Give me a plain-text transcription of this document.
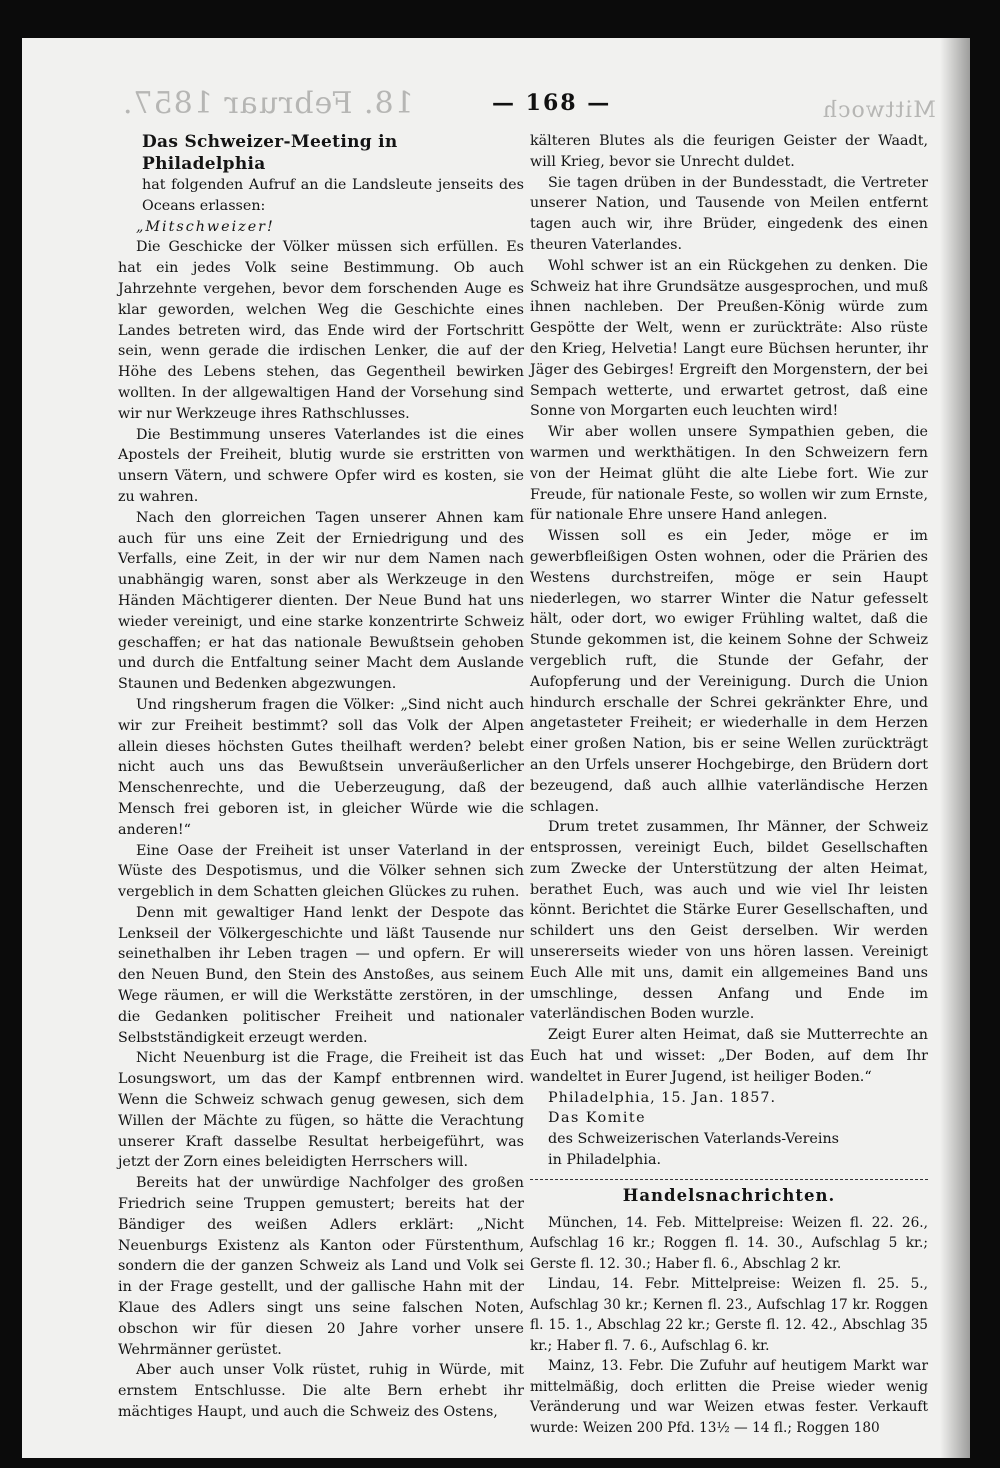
18. Februar 1857.	Mittwoch
— 168 —
Das Schweizer-Meeting in Philadelphia

hat folgenden Aufruf an die Landsleute jenseits des Oceans erlassen:

„Mitschweizer!

Die Geschicke der Völker müssen sich erfüllen. Es hat ein jedes Volk seine Bestimmung. Ob auch Jahrzehnte vergehen, bevor dem forschenden Auge es klar geworden, welchen Weg die Geschichte eines Landes betreten wird, das Ende wird der Fortschritt sein, wenn gerade die irdischen Lenker, die auf der Höhe des Lebens stehen, das Gegentheil bewirken wollten. In der allgewaltigen Hand der Vorsehung sind wir nur Werkzeuge ihres Rathschlusses.

Die Bestimmung unseres Vaterlandes ist die eines Apostels der Freiheit, blutig wurde sie erstritten von unsern Vätern, und schwere Opfer wird es kosten, sie zu wahren.

Nach den glorreichen Tagen unserer Ahnen kam auch für uns eine Zeit der Erniedrigung und des Verfalls, eine Zeit, in der wir nur dem Namen nach unabhängig waren, sonst aber als Werkzeuge in den Händen Mächtigerer dienten. Der Neue Bund hat uns wieder vereinigt, und eine starke konzentrirte Schweiz geschaffen; er hat das nationale Bewußtsein gehoben und durch die Entfaltung seiner Macht dem Auslande Staunen und Bedenken abgezwungen.

Und ringsherum fragen die Völker: „Sind nicht auch wir zur Freiheit bestimmt? soll das Volk der Alpen allein dieses höchsten Gutes theilhaft werden? belebt nicht auch uns das Bewußtsein unveräußerlicher Menschenrechte, und die Ueberzeugung, daß der Mensch frei geboren ist, in gleicher Würde wie die anderen!“

Eine Oase der Freiheit ist unser Vaterland in der Wüste des Despotismus, und die Völker sehnen sich vergeblich in dem Schatten gleichen Glückes zu ruhen.

Denn mit gewaltiger Hand lenkt der Despote das Lenkseil der Völkergeschichte und läßt Tausende nur seinethalben ihr Leben tragen — und opfern. Er will den Neuen Bund, den Stein des Anstoßes, aus seinem Wege räumen, er will die Werkstätte zerstören, in der die Gedanken politischer Freiheit und nationaler Selbstständigkeit erzeugt werden.

Nicht Neuenburg ist die Frage, die Freiheit ist das Losungswort, um das der Kampf entbrennen wird. Wenn die Schweiz schwach genug gewesen, sich dem Willen der Mächte zu fügen, so hätte die Verachtung unserer Kraft dasselbe Resultat herbeigeführt, was jetzt der Zorn eines beleidigten Herrschers will.

Bereits hat der unwürdige Nachfolger des großen Friedrich seine Truppen gemustert; bereits hat der Bändiger des weißen Adlers erklärt: „Nicht Neuenburgs Existenz als Kanton oder Fürstenthum, sondern die der ganzen Schweiz als Land und Volk sei in der Frage gestellt, und der gallische Hahn mit der Klaue des Adlers singt uns seine falschen Noten, obschon wir für diesen 20 Jahre vorher unsere Wehrmänner gerüstet.

Aber auch unser Volk rüstet, ruhig in Würde, mit ernstem Entschlusse. Die alte Bern erhebt ihr mächtiges Haupt, und auch die Schweiz des Ostens,

kälteren Blutes als die feurigen Geister der Waadt, will Krieg, bevor sie Unrecht duldet.

Sie tagen drüben in der Bundesstadt, die Vertreter unserer Nation, und Tausende von Meilen entfernt tagen auch wir, ihre Brüder, eingedenk des einen theuren Vaterlandes.

Wohl schwer ist an ein Rückgehen zu denken. Die Schweiz hat ihre Grundsätze ausgesprochen, und muß ihnen nachleben. Der Preußen-König würde zum Gespötte der Welt, wenn er zurückträte: Also rüste den Krieg, Helvetia! Langt eure Büchsen herunter, ihr Jäger des Gebirges! Ergreift den Morgenstern, der bei Sempach wetterte, und erwartet getrost, daß eine Sonne von Morgarten euch leuchten wird!

Wir aber wollen unsere Sympathien geben, die warmen und werkthätigen. In den Schweizern fern von der Heimat glüht die alte Liebe fort. Wie zur Freude, für nationale Feste, so wollen wir zum Ernste, für nationale Ehre unsere Hand anlegen.

Wissen soll es ein Jeder, möge er im gewerbfleißigen Osten wohnen, oder die Prärien des Westens durchstreifen, möge er sein Haupt niederlegen, wo starrer Winter die Natur gefesselt hält, oder dort, wo ewiger Frühling waltet, daß die Stunde gekommen ist, die keinem Sohne der Schweiz vergeblich ruft, die Stunde der Gefahr, der Aufopferung und der Vereinigung. Durch die Union hindurch erschalle der Schrei gekränkter Ehre, und angetasteter Freiheit; er wiederhalle in dem Herzen einer großen Nation, bis er seine Wellen zurückträgt an den Urfels unserer Hochgebirge, den Brüdern dort bezeugend, daß auch allhie vaterländische Herzen schlagen.

Drum tretet zusammen, Ihr Männer, der Schweiz entsprossen, vereinigt Euch, bildet Gesellschaften zum Zwecke der Unterstützung der alten Heimat, berathet Euch, was auch und wie viel Ihr leisten könnt. Berichtet die Stärke Eurer Gesellschaften, und schildert uns den Geist derselben. Wir werden unsererseits wieder von uns hören lassen. Vereinigt Euch Alle mit uns, damit ein allgemeines Band uns umschlinge, dessen Anfang und Ende im vaterländischen Boden wurzle.

Zeigt Eurer alten Heimat, daß sie Mutterrechte an Euch hat und wisset: „Der Boden, auf dem Ihr wandeltet in Eurer Jugend, ist heiliger Boden.“

Philadelphia, 15. Jan. 1857.

Das Komite

des Schweizerischen Vaterlands-Vereins

in Philadelphia.

Handelsnachrichten.

München, 14. Feb. Mittelpreise: Weizen fl. 22. 26., Aufschlag 16 kr.; Roggen fl. 14. 30., Aufschlag 5 kr.; Gerste fl. 12. 30.; Haber fl. 6., Abschlag 2 kr.

Lindau, 14. Febr. Mittelpreise: Weizen fl. 25. 5., Aufschlag 30 kr.; Kernen fl. 23., Aufschlag 17 kr. Roggen fl. 15. 1., Abschlag 22 kr.; Gerste fl. 12. 42., Abschlag 35 kr.; Haber fl. 7. 6., Aufschlag 6. kr.

Mainz, 13. Febr. Die Zufuhr auf heutigem Markt war mittelmäßig, doch erlitten die Preise wieder wenig Veränderung und war Weizen etwas fester. Verkauft wurde: Weizen 200 Pfd. 13½ — 14 fl.; Roggen 180
